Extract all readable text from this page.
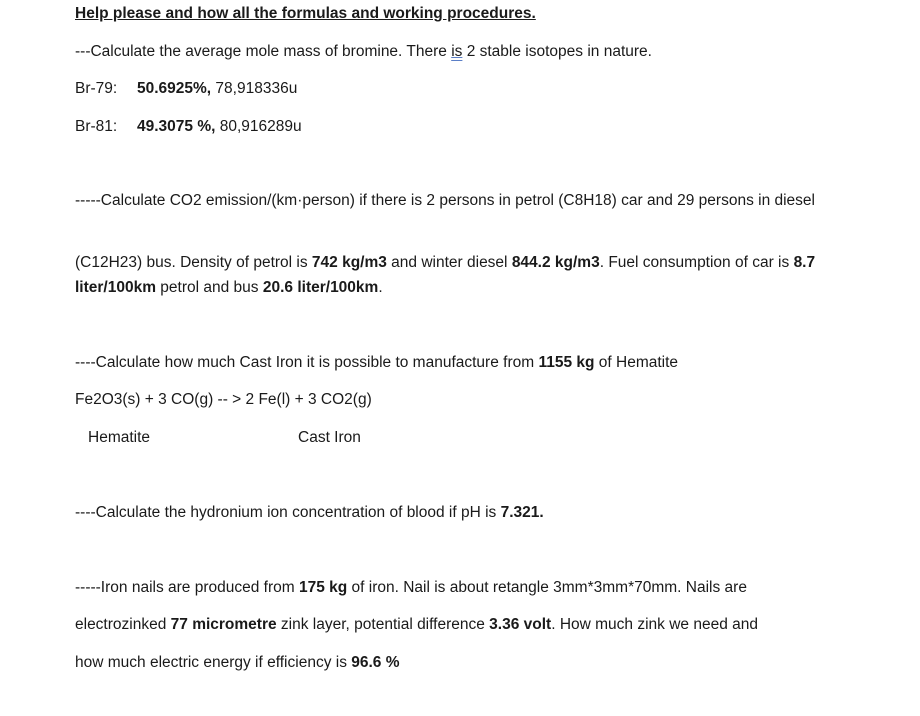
Help please and how all the formulas and working procedures.
---Calculate the average mole mass of bromine. There is 2 stable isotopes in nature.
Br-79: 50.6925%, 78,918336u
Br-81: 49.3075 %, 80,916289u
-----Calculate CO2 emission/(km·person) if there is 2 persons in petrol (C8H18) car and 29 persons in diesel
(C12H23) bus. Density of petrol is 742 kg/m3 and winter diesel 844.2 kg/m3. Fuel consumption of car is 8.7 liter/100km petrol and bus 20.6 liter/100km.
----Calculate how much Cast Iron it is possible to manufacture from 1155 kg of Hematite
Fe2O3(s) + 3 CO(g) -- > 2 Fe(l) + 3 CO2(g)
Hematite	Cast Iron
----Calculate the hydronium ion concentration of blood if pH is 7.321.
-----Iron nails are produced from 175 kg of iron. Nail is about retangle 3mm*3mm*70mm. Nails are
electrozinked 77 micrometre zink layer, potential difference 3.36 volt. How much zink we need and
how much electric energy if efficiency is 96.6 %
